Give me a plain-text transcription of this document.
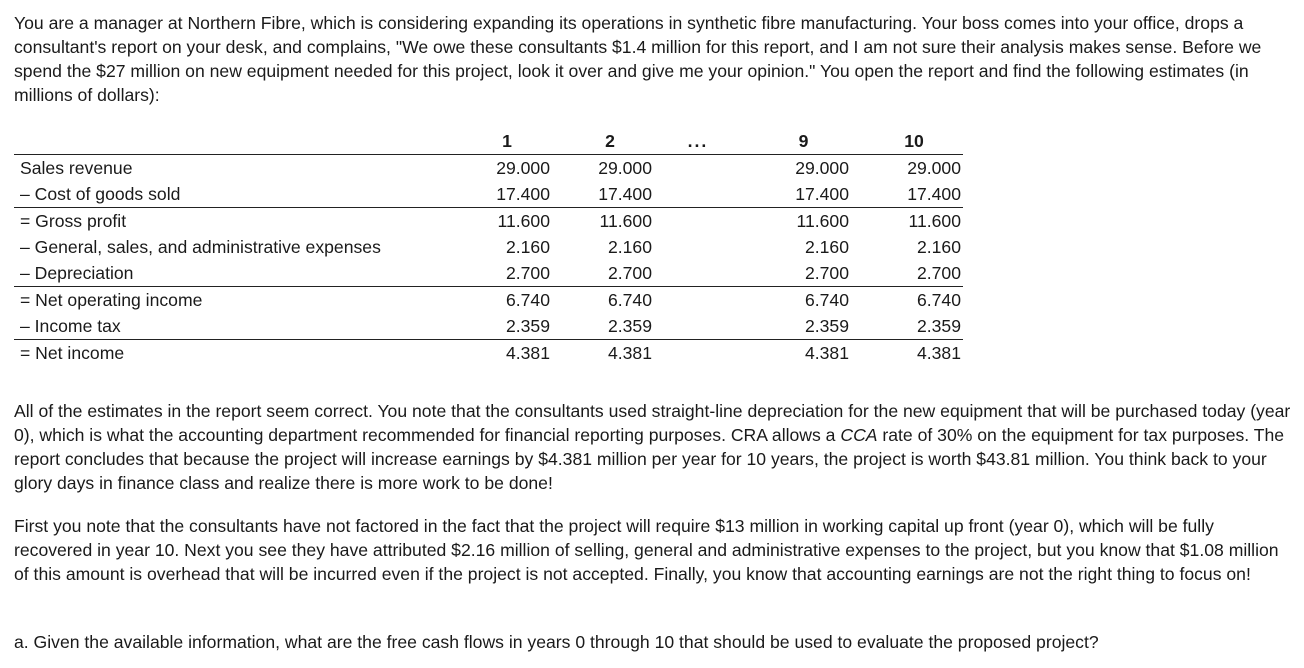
You are a manager at Northern Fibre, which is considering expanding its operations in synthetic fibre manufacturing. Your boss comes into your office, drops a consultant's report on your desk, and complains, "We owe these consultants $1.4 million for this report, and I am not sure their analysis makes sense. Before we spend the $27 million on new equipment needed for this project, look it over and give me your opinion." You open the report and find the following estimates (in millions of dollars):

	1	2	...	9	10
Sales revenue	29.000	29.000		29.000	29.000
– Cost of goods sold	17.400	17.400		17.400	17.400
= Gross profit	11.600	11.600		11.600	11.600
– General, sales, and administrative expenses	2.160	2.160		2.160	2.160
– Depreciation	2.700	2.700		2.700	2.700
= Net operating income	6.740	6.740		6.740	6.740
– Income tax	2.359	2.359		2.359	2.359
= Net income	4.381	4.381		4.381	4.381

All of the estimates in the report seem correct. You note that the consultants used straight-line depreciation for the new equipment that will be purchased today (year 0), which is what the accounting department recommended for financial reporting purposes. CRA allows a CCA rate of 30% on the equipment for tax purposes. The report concludes that because the project will increase earnings by $4.381 million per year for 10 years, the project is worth $43.81 million. You think back to your glory days in finance class and realize there is more work to be done!

First you note that the consultants have not factored in the fact that the project will require $13 million in working capital up front (year 0), which will be fully recovered in year 10. Next you see they have attributed $2.16 million of selling, general and administrative expenses to the project, but you know that $1.08 million of this amount is overhead that will be incurred even if the project is not accepted. Finally, you know that accounting earnings are not the right thing to focus on!

a. Given the available information, what are the free cash flows in years 0 through 10 that should be used to evaluate the proposed project?
